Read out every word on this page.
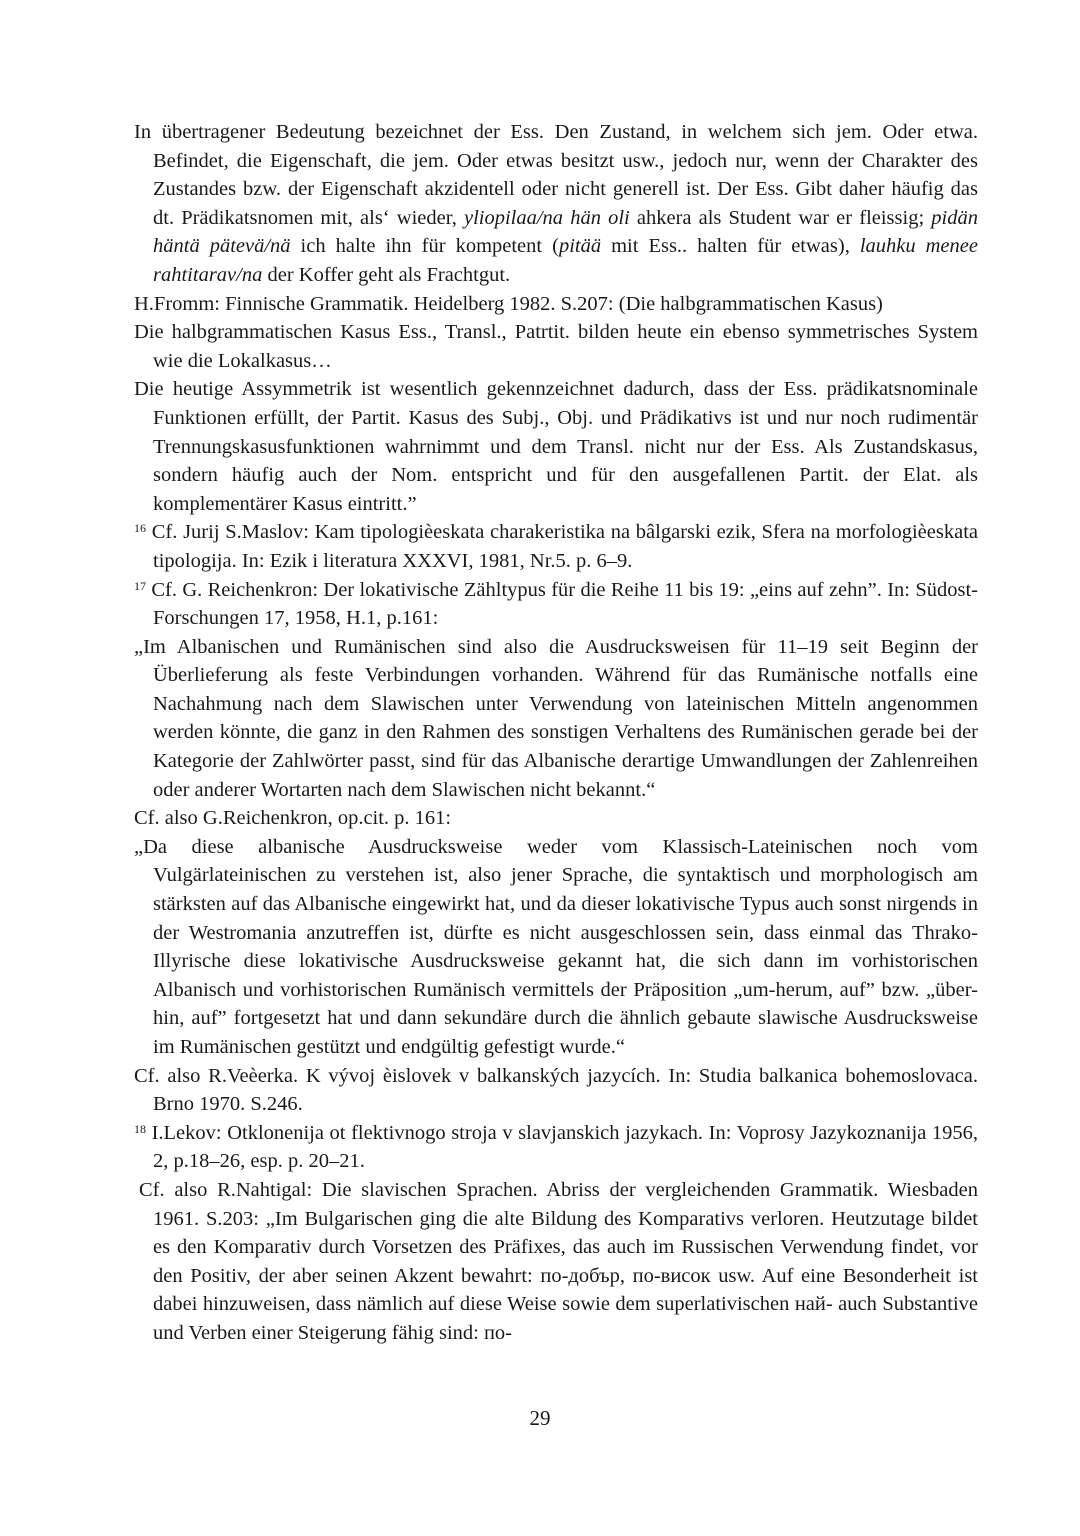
In übertragener Bedeutung bezeichnet der Ess. Den Zustand, in welchem sich jem. Oder etwa. Befindet, die Eigenschaft, die jem. Oder etwas besitzt usw., jedoch nur, wenn der Charakter des Zustandes bzw. der Eigenschaft akzidentell oder nicht generell ist. Der Ess. Gibt daher häufig das dt. Prädikatsnomen mit, als‘ wieder, yliopilaa/na hän oli ahkera als Student war er fleissig; pidän häntä pätevä/nä ich halte ihn für kompetent (pitää mit Ess.. halten für etwas), lauhku menee rahtitarav/na der Koffer geht als Frachtgut.

H.Fromm: Finnische Grammatik. Heidelberg 1982. S.207: (Die halbgrammatischen Kasus)

Die halbgrammatischen Kasus Ess., Transl., Patrtit. bilden heute ein ebenso symmetrisches System wie die Lokalkasus…

Die heutige Assymmetrik ist wesentlich gekennzeichnet dadurch, dass der Ess. prädikatsnominale Funktionen erfüllt, der Partit. Kasus des Subj., Obj. und Prädikativs ist und nur noch rudimentär Trennungskasusfunktionen wahrnimmt und dem Transl. nicht nur der Ess. Als Zustandskasus, sondern häufig auch der Nom. entspricht und für den ausgefallenen Partit. der Elat. als komplementärer Kasus eintritt.”

$^{16}$ Cf. Jurij S.Maslov: Kam tipologièeskata charakeristika na bâlgarski ezik, Sfera na morfologièeskata tipologija. In: Ezik i literatura XXXVI, 1981, Nr.5. p. 6–9.

$^{17}$ Cf. G. Reichenkron: Der lokativische Zähltypus für die Reihe 11 bis 19: „eins auf zehn”. In: Südost-Forschungen 17, 1958, H.1, p.161:

„Im Albanischen und Rumänischen sind also die Ausdrucksweisen für 11–19 seit Beginn der Überlieferung als feste Verbindungen vorhanden. Während für das Rumänische notfalls eine Nachahmung nach dem Slawischen unter Verwendung von lateinischen Mitteln angenommen werden könnte, die ganz in den Rahmen des sonstigen Verhaltens des Rumänischen gerade bei der Kategorie der Zahlwörter passt, sind für das Albanische derartige Umwandlungen der Zahlenreihen oder anderer Wortarten nach dem Slawischen nicht bekannt.“

Cf. also G.Reichenkron, op.cit. p. 161:

„Da diese albanische Ausdrucksweise weder vom Klassisch-Lateinischen noch vom Vulgärlateinischen zu verstehen ist, also jener Sprache, die syntaktisch und morphologisch am stärksten auf das Albanische eingewirkt hat, und da dieser lokativische Typus auch sonst nirgends in der Westromania anzutreffen ist, dürfte es nicht ausgeschlossen sein, dass einmal das Thrako-Illyrische diese lokativische Ausdrucksweise gekannt hat, die sich dann im vorhistorischen Albanisch und vorhistorischen Rumänisch vermittels der Präposition „um-herum, auf” bzw. „über-hin, auf” fortgesetzt hat und dann sekundäre durch die ähnlich gebaute slawische Ausdrucksweise im Rumänischen gestützt und endgültig gefestigt wurde.“

Cf. also R.Veèerka. K vývoj èislovek v balkanských jazycích. In: Studia balkanica bohemoslovaca. Brno 1970. S.246.

$^{18}$ I.Lekov: Otklonenija ot flektivnogo stroja v slavjanskich jazykach. In: Voprosy Jazykoznanija 1956, 2, p.18–26, esp. p. 20–21.

Cf. also R.Nahtigal: Die slavischen Sprachen. Abriss der vergleichenden Grammatik. Wiesbaden 1961. S.203: „Im Bulgarischen ging die alte Bildung des Komparativs verloren. Heutzutage bildet es den Komparativ durch Vorsetzen des Präfixes, das auch im Russischen Verwendung findet, vor den Positiv, der aber seinen Akzent bewahrt: по-добър, по-висок usw. Auf eine Besonderheit ist dabei hinzuweisen, dass nämlich auf diese Weise sowie dem superlativischen най- auch Substantive und Verben einer Steigerung fähig sind: по-

29
